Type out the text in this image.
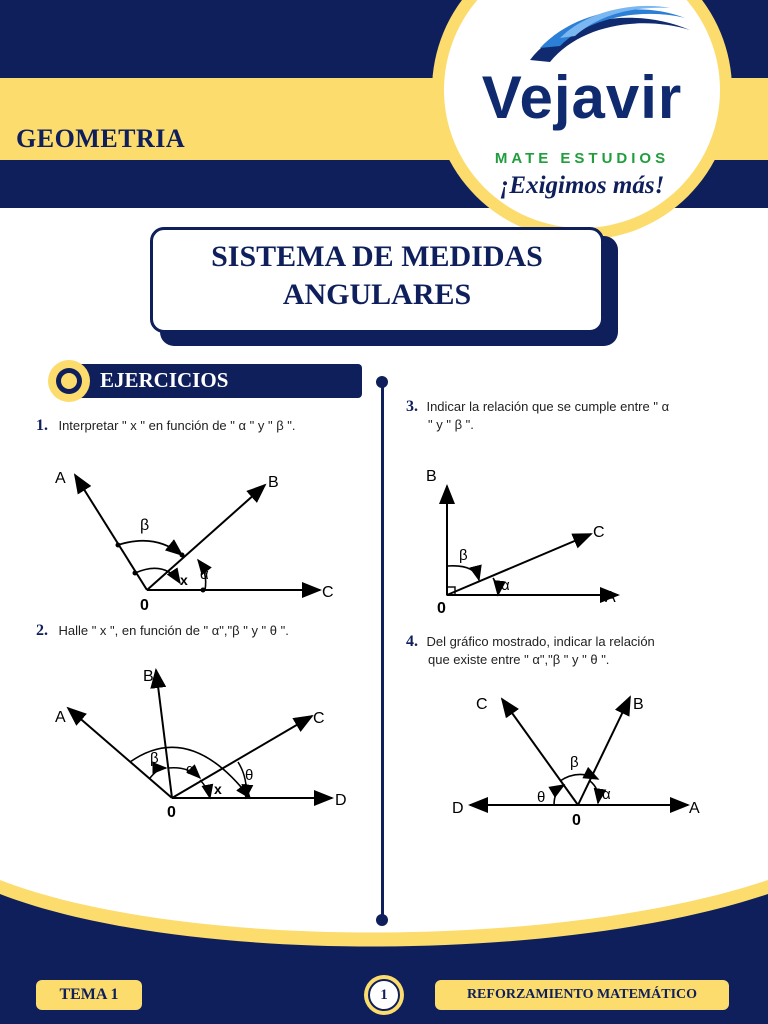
GEOMETRIA
Vejavir
MATE ESTUDIOS
¡Exigimos más!
SISTEMA DE MEDIDAS
ANGULARES
EJERCICIOS
1. Interpretar " x " en función de " α " y " β ".
A	B
C
0
β
α
x
2. Halle " x ", en función de " α","β " y " θ ".
B
A	C
D
0
β
α	θ
x
3. Indicar la relación que se cumple entre " α
" y " β ".
B
C
A
0
β
α
4. Del gráfico mostrado, indicar la relación
que existe entre " α","β " y " θ ".
C	B
D	A
0
β
α
θ
TEMA 1	1	REFORZAMIENTO MATEMÁTICO
